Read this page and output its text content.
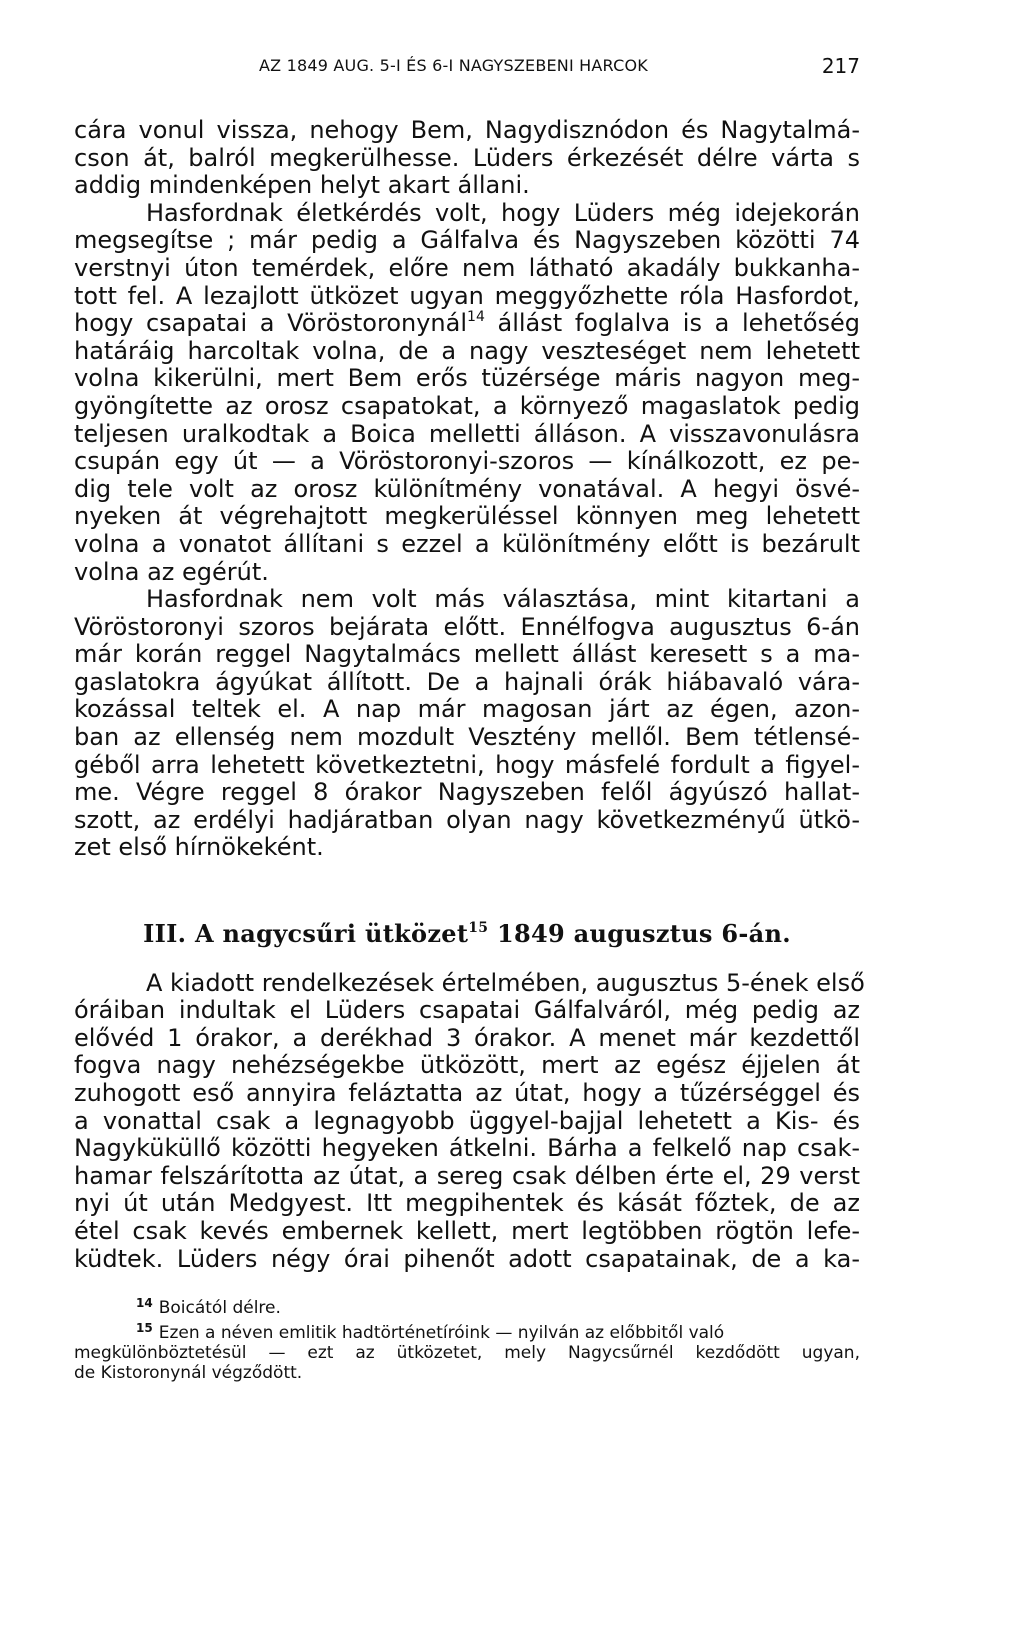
AZ 1849 AUG. 5-I ÉS 6-I NAGYSZEBENI HARCOK	217

cára vonul vissza, nehogy Bem, Nagydisznódon és Nagytalmá-
cson át, balról megkerülhesse. Lüders érkezését délre várta s
addig mindenképen helyt akart állani.

Hasfordnak életkérdés volt, hogy Lüders még idejekorán
megsegítse ; már pedig a Gálfalva és Nagyszeben közötti 74
verstnyi úton temérdek, előre nem látható akadály bukkanha-
tott fel. A lezajlott ütközet ugyan meggyőzhette róla Hasfordot,
hogy csapatai a Vöröstoronynál$^{14}$ állást foglalva is a lehetőség
határáig harcoltak volna, de a nagy veszteséget nem lehetett
volna kikerülni, mert Bem erős tüzérsége máris nagyon meg-
gyöngítette az orosz csapatokat, a környező magaslatok pedig
teljesen uralkodtak a Boica melletti álláson. A visszavonulásra
csupán egy út — a Vöröstoronyi-szoros — kínálkozott, ez pe-
dig tele volt az orosz különítmény vonatával. A hegyi ösvé-
nyeken át végrehajtott megkerüléssel könnyen meg lehetett
volna a vonatot állítani s ezzel a különítmény előtt is bezárult
volna az egérút.

Hasfordnak nem volt más választása, mint kitartani a
Vöröstoronyi szoros bejárata előtt. Ennélfogva augusztus 6-án
már korán reggel Nagytalmács mellett állást keresett s a ma-
gaslatokra ágyúkat állított. De a hajnali órák hiábavaló vára-
kozással teltek el. A nap már magosan járt az égen, azon-
ban az ellenség nem mozdult Vesztény mellől. Bem tétlensé-
géből arra lehetett következtetni, hogy másfelé fordult a figyel-
me. Végre reggel 8 órakor Nagyszeben felől ágyúszó hallat-
szott, az erdélyi hadjáratban olyan nagy következményű ütkö-
zet első hírnökeként.

III. A nagycsűri ütközet$^{15}$ 1849 augusztus 6-án.

A kiadott rendelkezések értelmében, augusztus 5-ének első
óráiban indultak el Lüders csapatai Gálfalváról, még pedig az
elővéd 1 órakor, a derékhad 3 órakor. A menet már kezdettől
fogva nagy nehézségekbe ütközött, mert az egész éjjelen át
zuhogott eső annyira feláztatta az útat, hogy a tűzérséggel és
a vonattal csak a legnagyobb üggyel-bajjal lehetett a Kis- és
Nagyküküllő közötti hegyeken átkelni. Bárha a felkelő nap csak-
hamar felszárította az útat, a sereg csak délben érte el, 29 verst
nyi út után Medgyest. Itt megpihentek és kását főztek, de az
étel csak kevés embernek kellett, mert legtöbben rögtön lefe-
küdtek. Lüders négy órai pihenőt adott csapatainak, de a ka-

$^{14}$ Boicától délre.
$^{15}$ Ezen a néven emlitik hadtörténetíróink — nyilván az előbbitől való
megkülönböztetésül — ezt az ütközetet, mely Nagycsűrnél kezdődött ugyan,
de Kistoronynál végződött.
